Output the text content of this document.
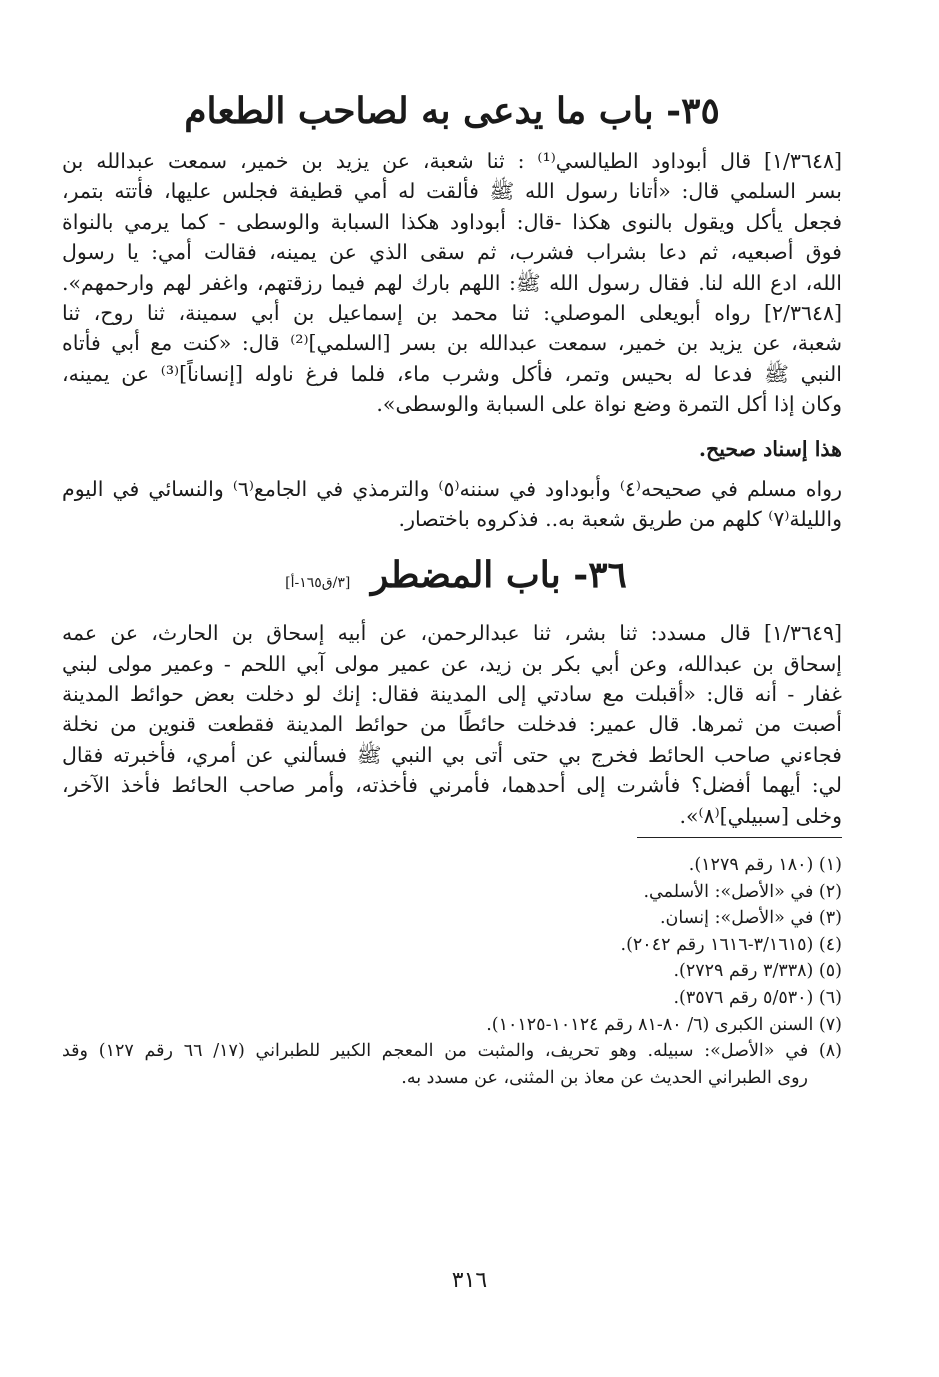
٣٥- باب ما يدعى به لصاحب الطعام
[١/٣٦٤٨] قال أبوداود الطيالسي⁽¹⁾ : ثنا شعبة، عن يزيد بن خمير، سمعت عبدالله بن
بسر السلمي قال: «أتانا رسول الله ﷺ فألقت له أمي قطيفة فجلس عليها، فأتته بتمر،
فجعل يأكل ويقول بالنوى هكذا -قال: أبوداود هكذا السبابة والوسطى - كما يرمي بالنواة
فوق أصبعيه، ثم دعا بشراب فشرب، ثم سقى الذي عن يمينه، فقالت أمي: يا رسول
الله، ادع الله لنا. فقال رسول الله ﷺ: اللهم بارك لهم فيما رزقتهم، واغفر لهم وارحمهم».
[٢/٣٦٤٨] رواه أبويعلى الموصلي: ثنا محمد بن إسماعيل بن أبي سمينة، ثنا روح، ثنا
شعبة، عن يزيد بن خمير، سمعت عبدالله بن بسر [السلمي]⁽²⁾ قال: «كنت مع أبي فأتاه
النبي ﷺ فدعا له بحيس وتمر، فأكل وشرب ماء، فلما فرغ ناوله [إنساناً]⁽³⁾ عن يمينه،
وكان إذا أكل التمرة وضع نواة على السبابة والوسطى».
هذا إسناد صحيح.
رواه مسلم في صحيحه⁽٤⁾ وأبوداود في سننه⁽٥⁾ والترمذي في الجامع⁽٦⁾ والنسائي في اليوم
والليلة⁽٧⁾ كلهم من طريق شعبة به.. فذكروه باختصار.
٣٦- باب المضطر [٣/ق١٦٥-أ]
[١/٣٦٤٩] قال مسدد: ثنا بشر، ثنا عبدالرحمن، عن أبيه إسحاق بن الحارث، عن عمه
إسحاق بن عبدالله، وعن أبي بكر بن زيد، عن عمير مولى آبي اللحم - وعمير مولى لبني
غفار - أنه قال: «أقبلت مع سادتي إلى المدينة فقال: إنك لو دخلت بعض حوائط المدينة
أصبت من ثمرها. قال عمير: فدخلت حائطًا من حوائط المدينة فقطعت قنوين من نخلة
فجاءني صاحب الحائط فخرج بي حتى أتى بي النبي ﷺ فسألني عن أمري، فأخبرته فقال
لي: أيهما أفضل؟ فأشرت إلى أحدهما، فأمرني فأخذته، وأمر صاحب الحائط فأخذ الآخر،
وخلى [سبيلي]⁽٨⁾».
(١) (١٨٠ رقم ١٢٧٩).
(٢) في «الأصل»: الأسلمي.
(٣) في «الأصل»: إنسان.
(٤) (٣/١٦١٥-١٦١٦ رقم ٢٠٤٢).
(٥) (٣/٣٣٨ رقم ٢٧٢٩).
(٦) (٥/٥٣٠ رقم ٣٥٧٦).
(٧) السنن الكبرى (٦/ ٨٠-٨١ رقم ١٠١٢٤-١٠١٢٥).
(٨) في «الأصل»: سبيله. وهو تحريف، والمثبت من المعجم الكبير للطبراني (١٧/ ٦٦ رقم ١٢٧) وقد
روى الطبراني الحديث عن معاذ بن المثنى، عن مسدد به.
٣١٦
